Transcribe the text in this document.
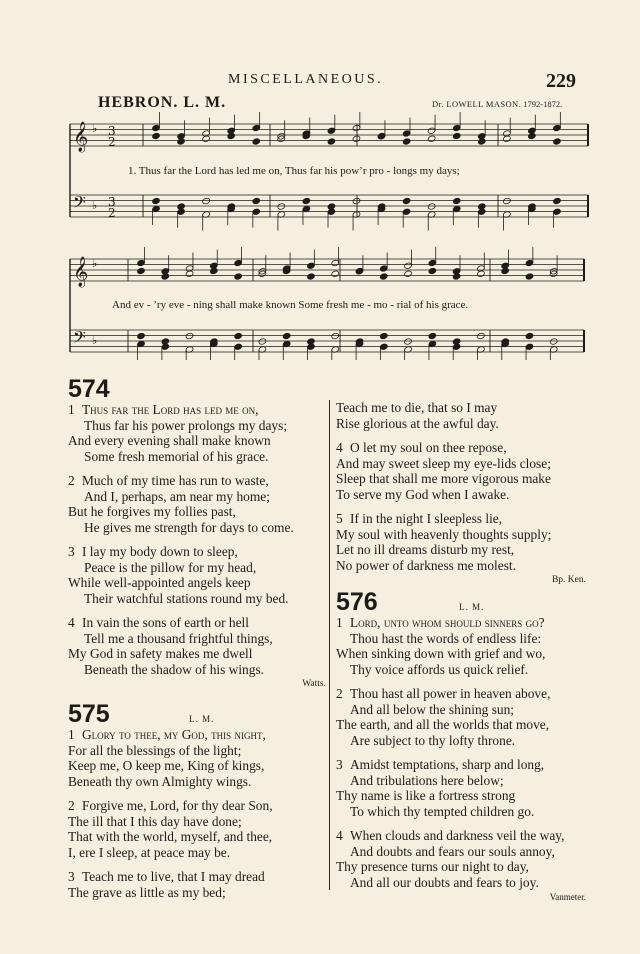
MISCELLANEOUS.	229
HEBRON. L. M.	Dr. LOWELL MASON. 1792-1872.
𝄞
𝄢
♭
♭
3
2
3
2
𝄞
𝄢
♭
♭
1. Thus far the Lord has led me on, Thus far his pow’r pro - longs my days;
And ev - ’ry eve - ning shall make known Some fresh me - mo - rial of his grace.
574
1 Thus far the Lord has led me on,
Thus far his power prolongs my days;
And every evening shall make known
Some fresh memorial of his grace.
2 Much of my time has run to waste,
And I, perhaps, am near my home;
But he forgives my follies past,
He gives me strength for days to come.
3 I lay my body down to sleep,
Peace is the pillow for my head,
While well-appointed angels keep
Their watchful stations round my bed.
4 In vain the sons of earth or hell
Tell me a thousand frightful things,
My God in safety makes me dwell
Beneath the shadow of his wings.
Watts.
575	L. M.
1 Glory to thee, my God, this night,
For all the blessings of the light;
Keep me, O keep me, King of kings,
Beneath thy own Almighty wings.
2 Forgive me, Lord, for thy dear Son,
The ill that I this day have done;
That with the world, myself, and thee,
I, ere I sleep, at peace may be.
3 Teach me to live, that I may dread
The grave as little as my bed;
Teach me to die, that so I may
Rise glorious at the awful day.
4 O let my soul on thee repose,
And may sweet sleep my eye-lids close;
Sleep that shall me more vigorous make
To serve my God when I awake.
5 If in the night I sleepless lie,
My soul with heavenly thoughts supply;
Let no ill dreams disturb my rest,
No power of darkness me molest.
Bp. Ken.
576	L. M.
1 Lord, unto whom should sinners go?
Thou hast the words of endless life:
When sinking down with grief and wo,
Thy voice affords us quick relief.
2 Thou hast all power in heaven above,
And all below the shining sun;
The earth, and all the worlds that move,
Are subject to thy lofty throne.
3 Amidst temptations, sharp and long,
And tribulations here below;
Thy name is like a fortress strong
To which thy tempted children go.
4 When clouds and darkness veil the way,
And doubts and fears our souls annoy,
Thy presence turns our night to day,
And all our doubts and fears to joy.
Vanmeter.
